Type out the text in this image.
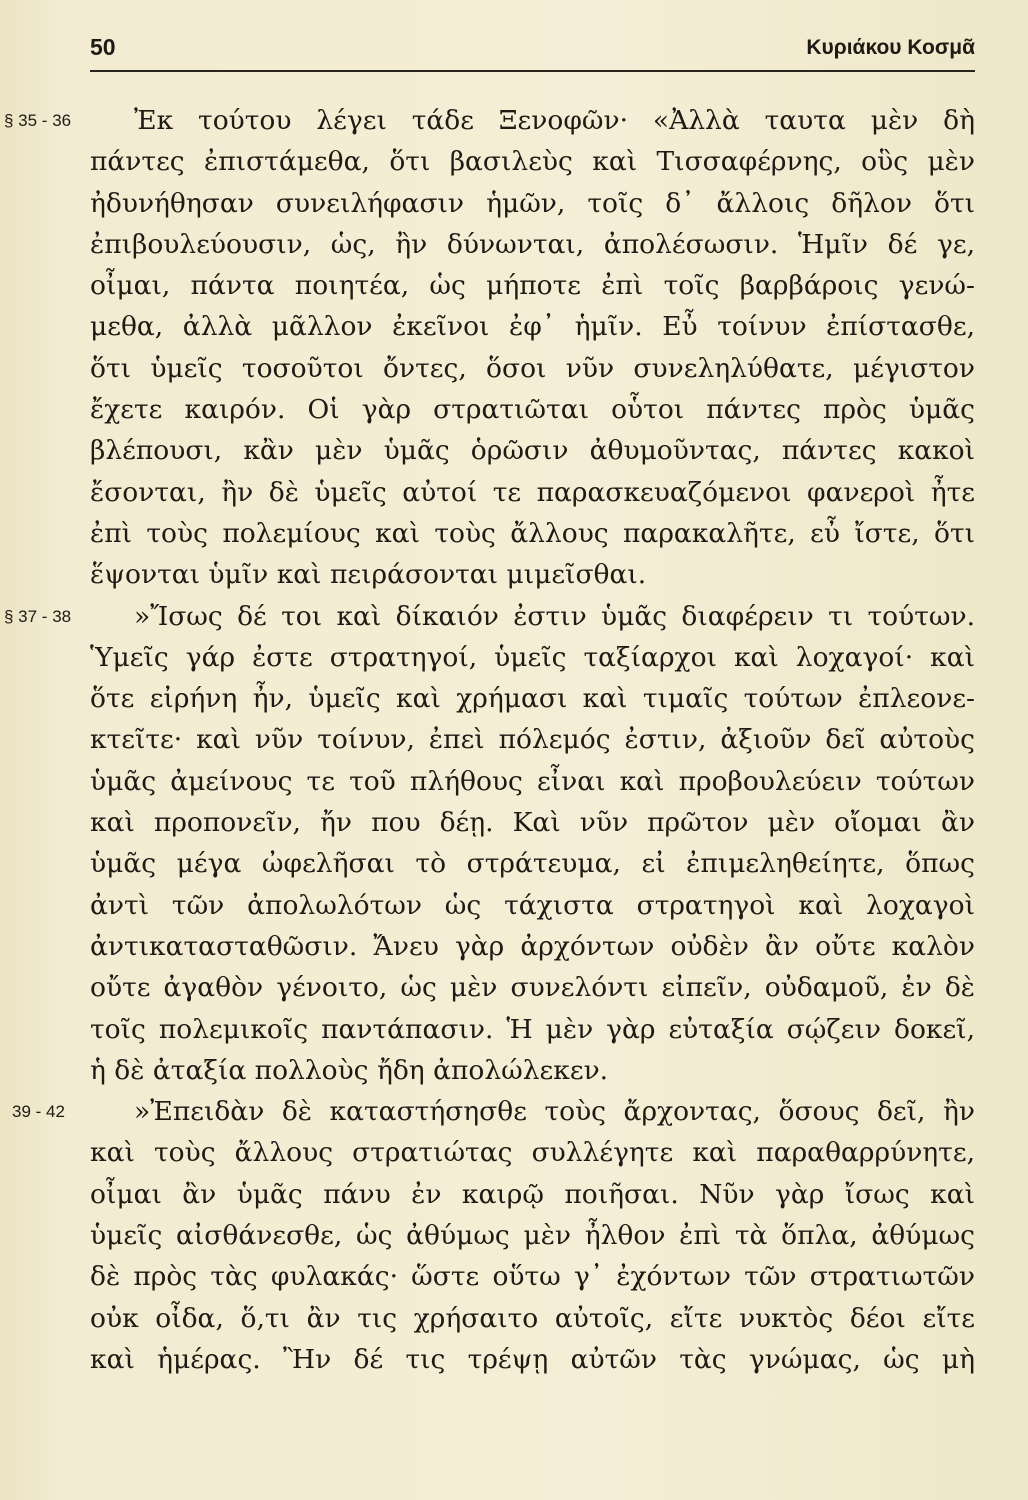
50	Κυριάκου Κοσμᾶ
§ 35 - 36 Ἐκ τούτου λέγει τάδε Ξενοφῶν· «Ἀλλὰ ταυτα μὲν δὴ
πάντες ἐπιστάμεθα, ὅτι βασιλεὺς καὶ Τισσαφέρνης, οὓς μὲν
ἠδυνήθησαν συνειλήφασιν ἡμῶν, τοῖς δ᾿ ἄλλοις δῆλον ὅτι
ἐπιβουλεύουσιν, ὡς, ἢν δύνωνται, ἀπολέσωσιν. Ἡμῖν δέ γε,
οἶμαι, πάντα ποιητέα, ὡς μήποτε ἐπὶ τοῖς βαρβάροις γενώ-
μεθα, ἀλλὰ μᾶλλον ἐκεῖνοι ἐφ᾿ ἡμῖν. Εὖ τοίνυν ἐπίστασθε,
ὅτι ὑμεῖς τοσοῦτοι ὄντες, ὅσοι νῦν συνεληλύθατε, μέγιστον
ἔχετε καιρόν. Οἱ γὰρ στρατιῶται οὗτοι πάντες πρὸς ὑμᾶς
βλέπουσι, κἂν μὲν ὑμᾶς ὁρῶσιν ἀθυμοῦντας, πάντες κακοὶ
ἔσονται, ἢν δὲ ὑμεῖς αὐτοί τε παρασκευαζόμενοι φανεροὶ ἦτε
ἐπὶ τοὺς πολεμίους καὶ τοὺς ἄλλους παρακαλῆτε, εὖ ἴστε, ὅτι
ἕψονται ὑμῖν καὶ πειράσονται μιμεῖσθαι.
§ 37 - 38 »Ἴσως δέ τοι καὶ δίκαιόν ἐστιν ὑμᾶς διαφέρειν τι τούτων.
Ὑμεῖς γάρ ἐστε στρατηγοί, ὑμεῖς ταξίαρχοι καὶ λοχαγοί· καὶ
ὅτε εἰρήνη ἦν, ὑμεῖς καὶ χρήμασι καὶ τιμαῖς τούτων ἐπλεονε-
κτεῖτε· καὶ νῦν τοίνυν, ἐπεὶ πόλεμός ἐστιν, ἀξιοῦν δεῖ αὐτοὺς
ὑμᾶς ἀμείνους τε τοῦ πλήθους εἶναι καὶ προβουλεύειν τούτων
καὶ προπονεῖν, ἤν που δέῃ. Καὶ νῦν πρῶτον μὲν οἴομαι ἂν
ὑμᾶς μέγα ὠφελῆσαι τὸ στράτευμα, εἰ ἐπιμεληθείητε, ὅπως
ἀντὶ τῶν ἀπολωλότων ὡς τάχιστα στρατηγοὶ καὶ λοχαγοὶ
ἀντικατασταθῶσιν. Ἄνευ γὰρ ἀρχόντων οὐδὲν ἂν οὔτε καλὸν
οὔτε ἀγαθὸν γένοιτο, ὡς μὲν συνελόντι εἰπεῖν, οὐδαμοῦ, ἐν δὲ
τοῖς πολεμικοῖς παντάπασιν. Ἡ μὲν γὰρ εὐταξία σῴζειν δοκεῖ,
ἡ δὲ ἀταξία πολλοὺς ἤδη ἀπολώλεκεν.
39 - 42	»Ἐπειδὰν δὲ καταστήσησθε τοὺς ἄρχοντας, ὅσους δεῖ, ἢν
καὶ τοὺς ἄλλους στρατιώτας συλλέγητε καὶ παραθαρρύνητε,
οἶμαι ἂν ὑμᾶς πάνυ ἐν καιρῷ ποιῆσαι. Νῦν γὰρ ἴσως καὶ
ὑμεῖς αἰσθάνεσθε, ὡς ἀθύμως μὲν ἦλθον ἐπὶ τὰ ὅπλα, ἀθύμως
δὲ πρὸς τὰς φυλακάς· ὥστε οὕτω γ᾿ ἐχόντων τῶν στρατιωτῶν
οὐκ οἶδα, ὅ,τι ἂν τις χρήσαιτο αὐτοῖς, εἴτε νυκτὸς δέοι εἴτε
καὶ ἡμέρας. Ἢν δέ τις τρέψῃ αὐτῶν τὰς γνώμας, ὡς μὴ
